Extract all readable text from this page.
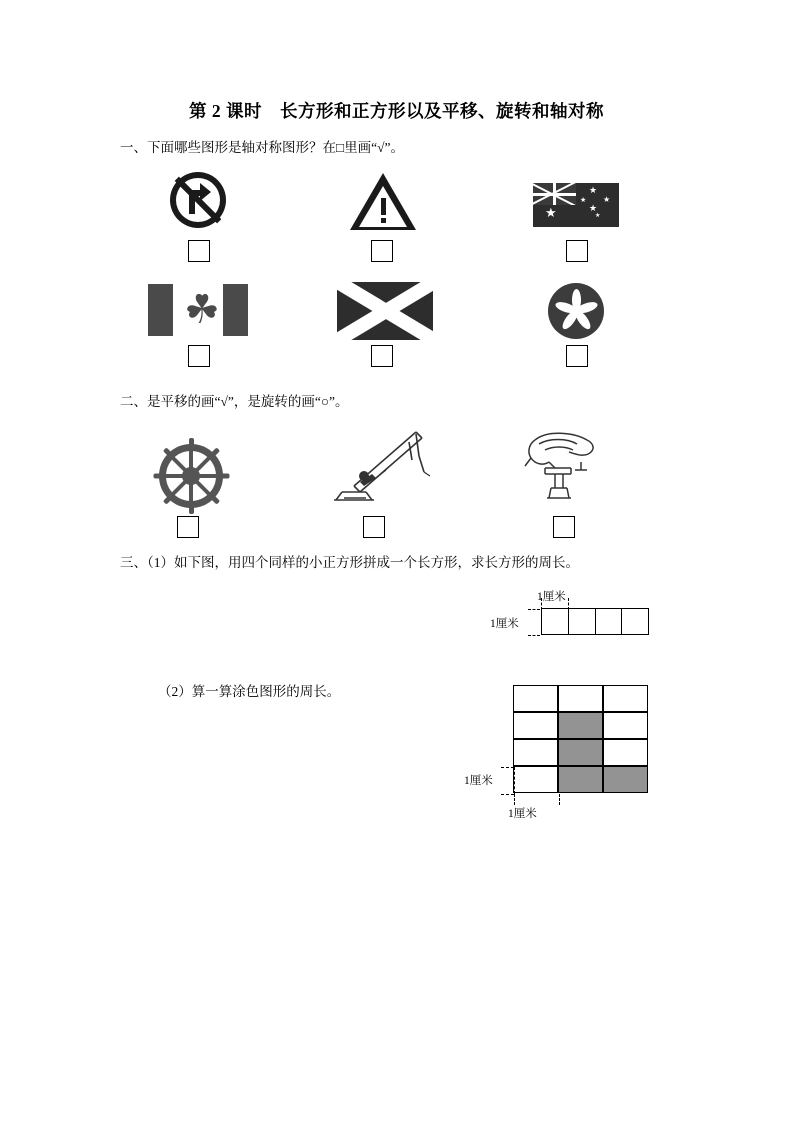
第 2 课时　长方形和正方形以及平移、旋转和轴对称
一、下面哪些图形是轴对称图形？在□里画“√”。
★
★
★
★
★
★
☘
二、是平移的画“√”，是旋转的画“○”。
三、（1）如下图，用四个同样的小正方形拼成一个长方形，求长方形的周长。
1厘米
1厘米
（2）算一算涂色图形的周长。
1厘米
1厘米
